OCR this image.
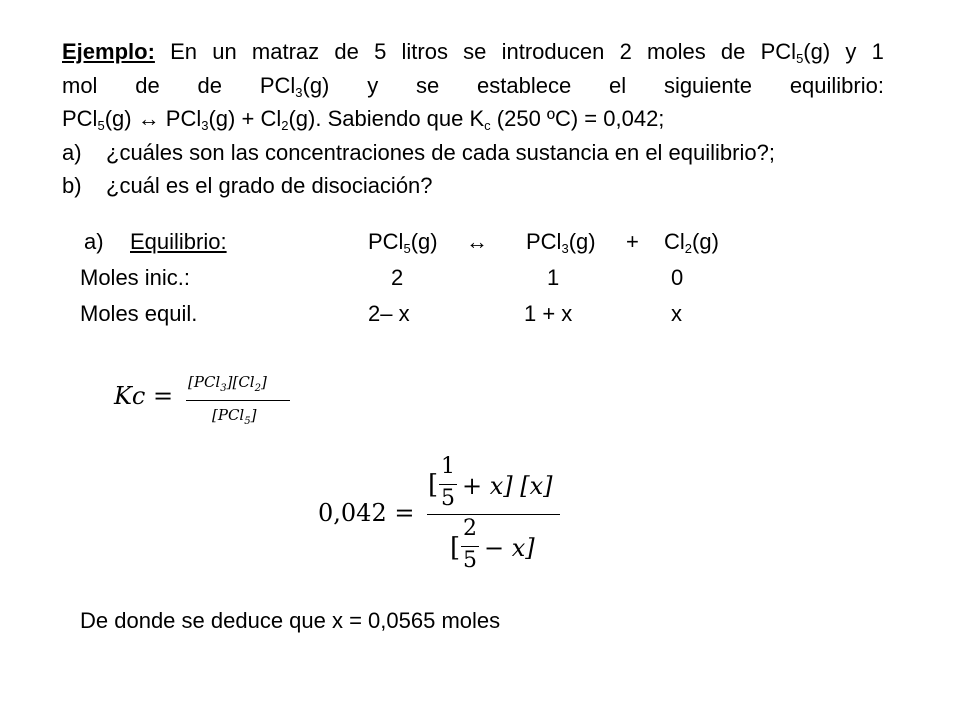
Ejemplo: En un matraz de 5 litros se introducen 2 moles de PCl$_5$(g) y 1
mol de de PCl$_3$(g) y se establece el siguiente equilibrio:
PCl$_5$(g) ↔ $PCl_3(g) + Cl_2(g)$. Sabiendo que $K_c$ (250 ºC) = 0,042;
a) ¿cuáles son las concentraciones de cada sustancia en el equilibrio?;
b) ¿cuál es el grado de disociación?
a) Equilibrio:	PCl$_5$(g) ↔ $PCl_3(g) + Cl_2(g)$
Moles inic.:	2	1	0
Moles equil.	2– x	1 + x	x
$Kc = [PCl_3][Cl_2]$
[PCl$_5$]
0,042 =
[
1
5 + x] [x]
[
2
5 − x]
De donde se deduce que x = 0,0565 moles
